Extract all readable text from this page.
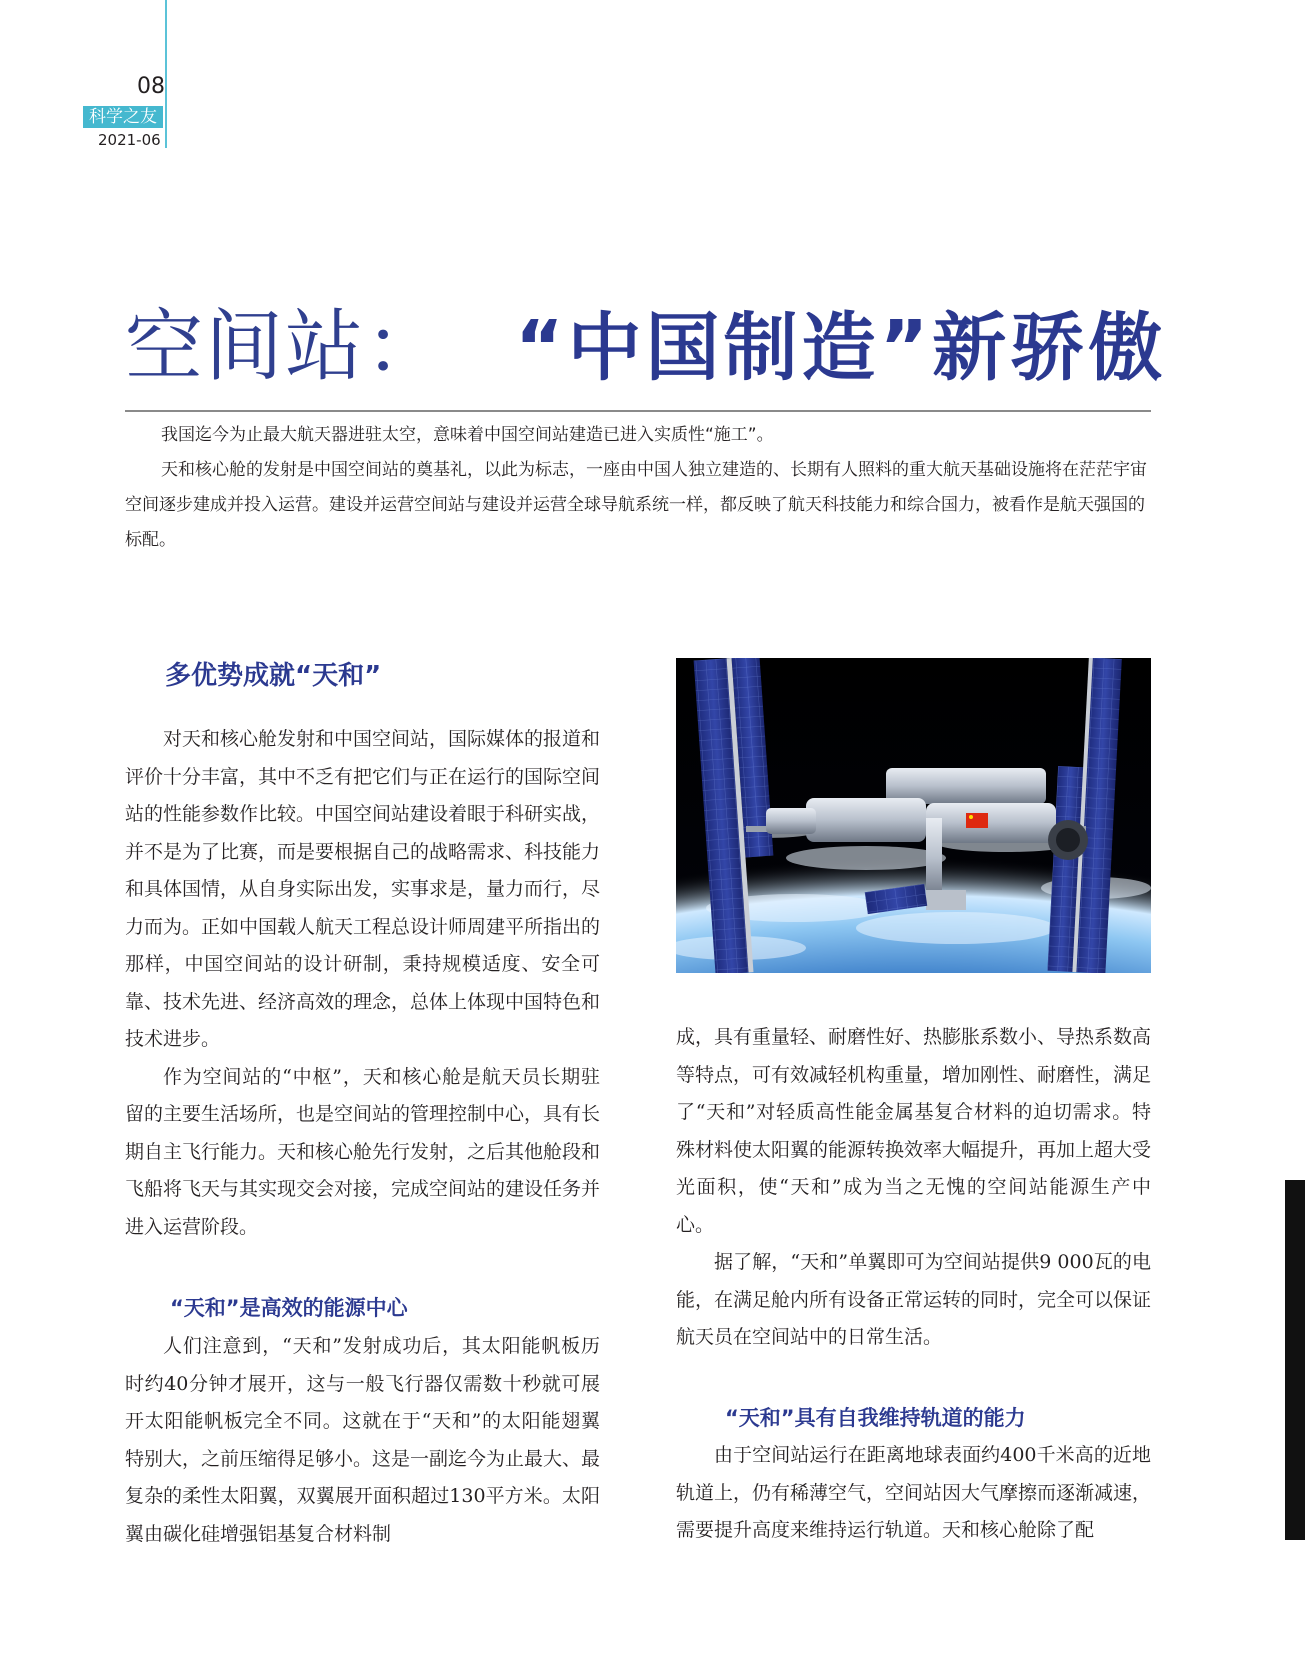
08
科学之友
2021-06
空间站： “中国制造”新骄傲

我国迄今为止最大航天器进驻太空，意味着中国空间站建造已进入实质性“施工”。

天和核心舱的发射是中国空间站的奠基礼，以此为标志，一座由中国人独立建造的、长期有人照料的重大航天基础设施将在茫茫宇宙空间逐步建成并投入运营。建设并运营空间站与建设并运营全球导航系统一样，都反映了航天科技能力和综合国力，被看作是航天强国的标配。

多优势成就“天和”

对天和核心舱发射和中国空间站，国际媒体的报道和评价十分丰富，其中不乏有把它们与正在运行的国际空间站的性能参数作比较。中国空间站建设着眼于科研实战，并不是为了比赛，而是要根据自己的战略需求、科技能力和具体国情，从自身实际出发，实事求是，量力而行，尽力而为。正如中国载人航天工程总设计师周建平所指出的那样，中国空间站的设计研制，秉持规模适度、安全可靠、技术先进、经济高效的理念，总体上体现中国特色和技术进步。

作为空间站的“中枢”，天和核心舱是航天员长期驻留的主要生活场所，也是空间站的管理控制中心，具有长期自主飞行能力。天和核心舱先行发射，之后其他舱段和飞船将飞天与其实现交会对接，完成空间站的建设任务并进入运营阶段。

“天和”是高效的能源中心

人们注意到，“天和”发射成功后，其太阳能帆板历时约40分钟才展开，这与一般飞行器仅需数十秒就可展开太阳能帆板完全不同。这就在于“天和”的太阳能翅翼特别大，之前压缩得足够小。这是一副迄今为止最大、最复杂的柔性太阳翼，双翼展开面积超过130平方米。太阳翼由碳化硅增强铝基复合材料制

成，具有重量轻、耐磨性好、热膨胀系数小、导热系数高等特点，可有效减轻机构重量，增加刚性、耐磨性，满足了“天和”对轻质高性能金属基复合材料的迫切需求。特殊材料使太阳翼的能源转换效率大幅提升，再加上超大受光面积，使“天和”成为当之无愧的空间站能源生产中心。

据了解，“天和”单翼即可为空间站提供9 000瓦的电能，在满足舱内所有设备正常运转的同时，完全可以保证航天员在空间站中的日常生活。

“天和”具有自我维持轨道的能力

由于空间站运行在距离地球表面约400千米高的近地轨道上，仍有稀薄空气，空间站因大气摩擦而逐渐减速，需要提升高度来维持运行轨道。天和核心舱除了配
